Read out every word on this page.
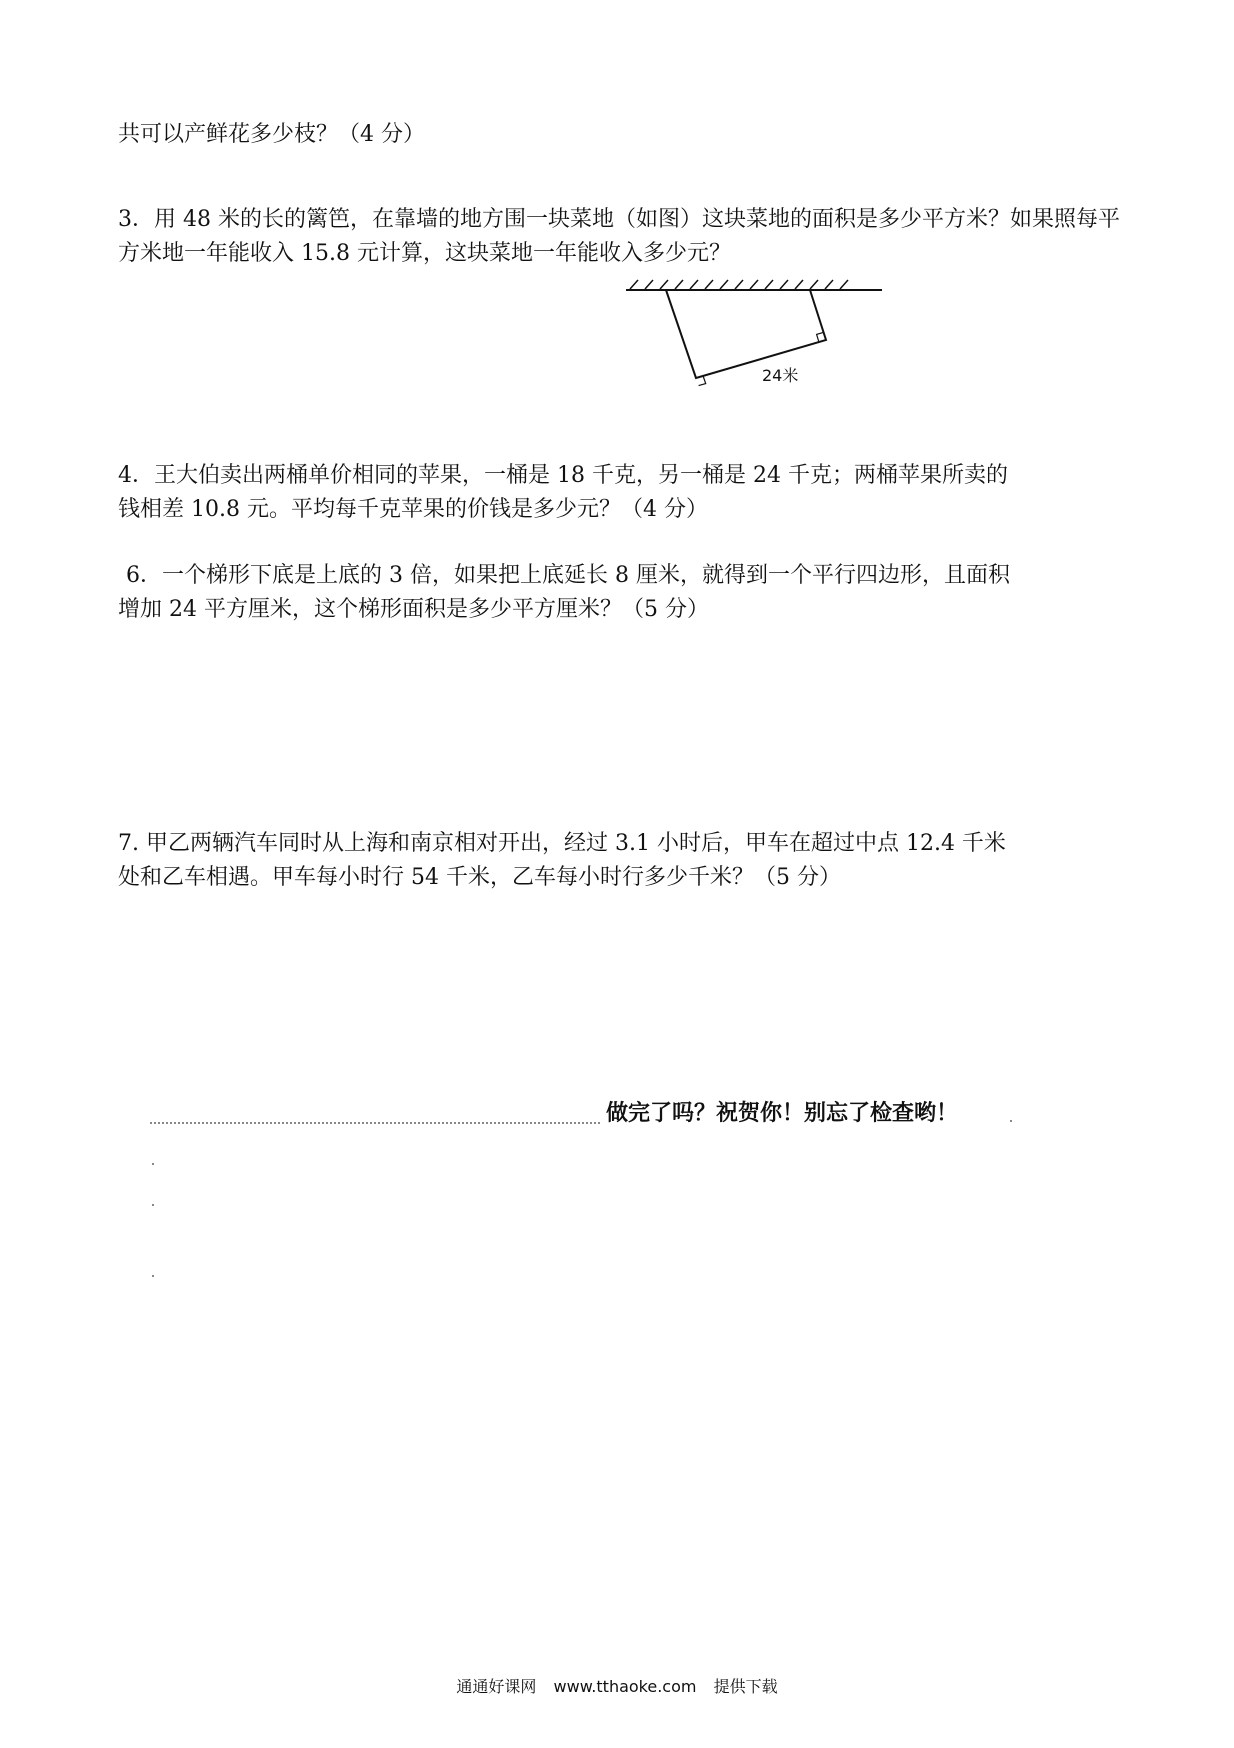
共可以产鲜花多少枝？（4 分）
3．用 48 米的长的篱笆，在靠墙的地方围一块菜地（如图）这块菜地的面积是多少平方米？如果照每平
方米地一年能收入 15.8 元计算，这块菜地一年能收入多少元？
24米
4．王大伯卖出两桶单价相同的苹果，一桶是 18 千克，另一桶是 24 千克；两桶苹果所卖的
钱相差 10.8 元。平均每千克苹果的价钱是多少元？（4 分）
6．一个梯形下底是上底的 3 倍，如果把上底延长 8 厘米，就得到一个平行四边形，且面积
增加 24 平方厘米，这个梯形面积是多少平方厘米？（5 分）
7. 甲乙两辆汽车同时从上海和南京相对开出，经过 3.1 小时后，甲车在超过中点 12.4 千米
处和乙车相遇。甲车每小时行 54 千米，乙车每小时行多少千米？（5 分）
做完了吗？祝贺你！别忘了检查哟！
通通好课网 www.tthaoke.com 提供下载
